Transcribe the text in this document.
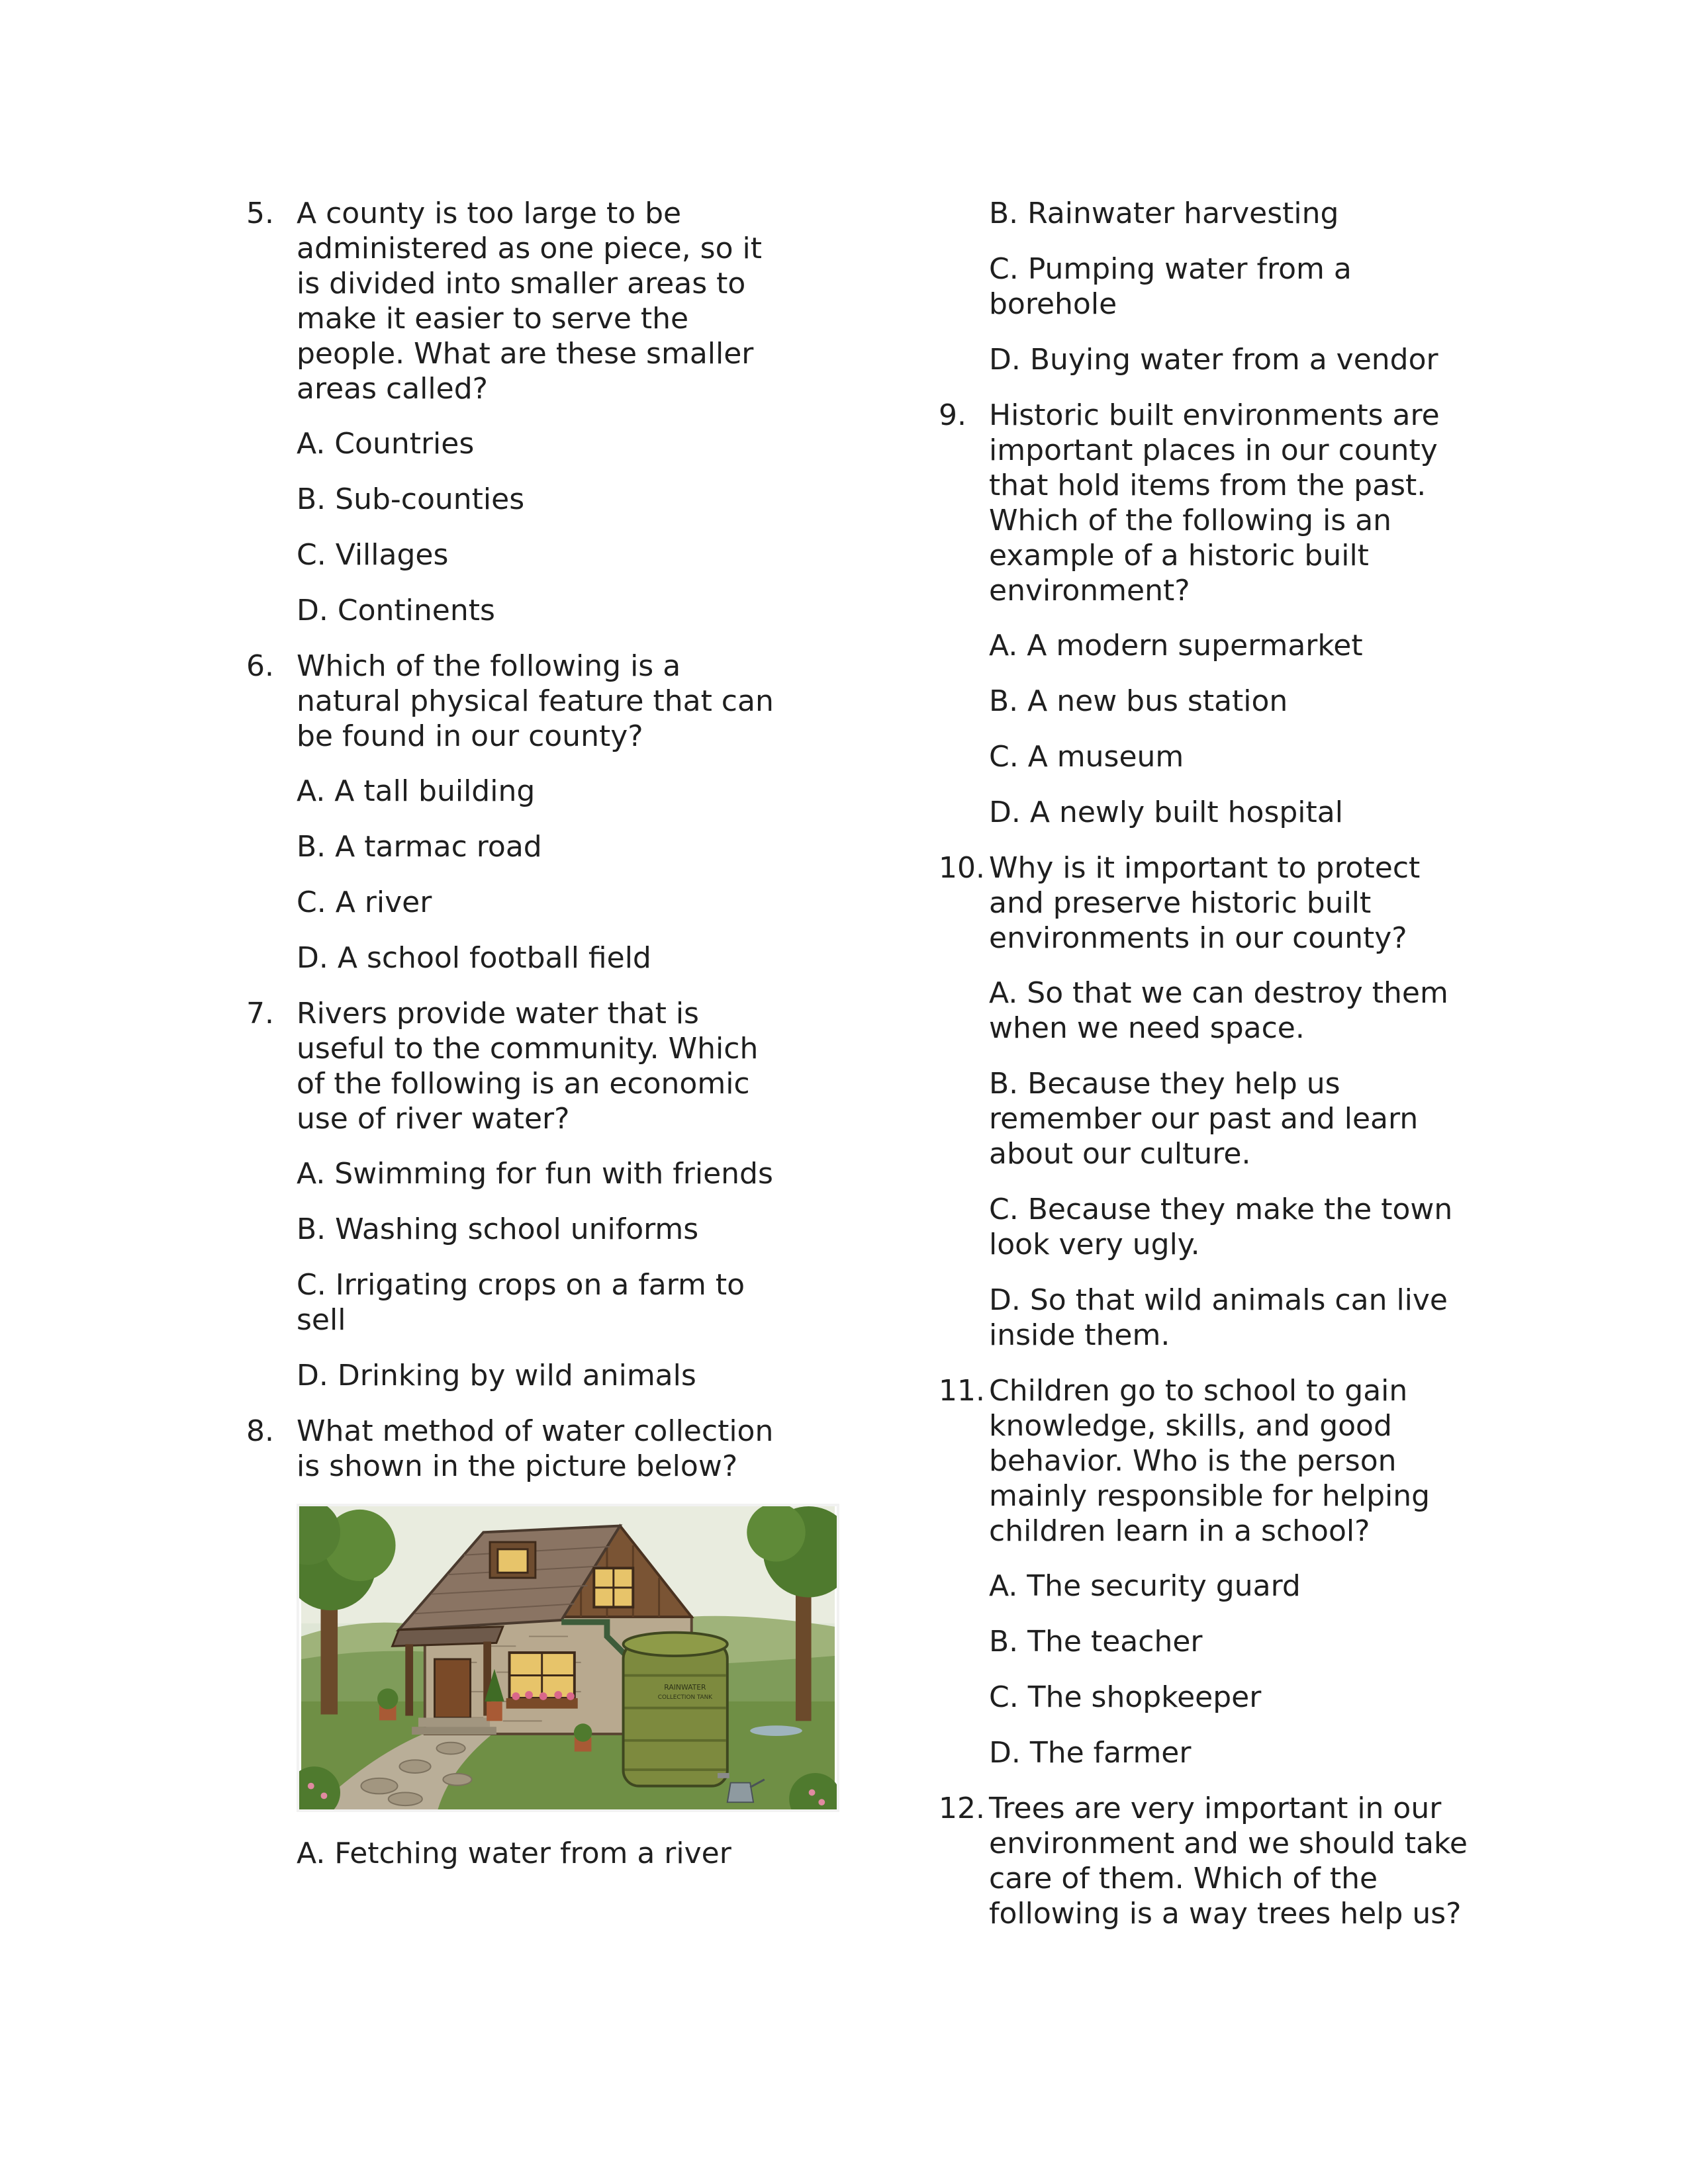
5. A county is too large to be administered as one piece, so it is divided into smaller areas to make it easier to serve the people. What are these smaller areas called?

A. Countries

B. Sub-counties

C. Villages

D. Continents

6. Which of the following is a natural physical feature that can be found in our county?

A. A tall building

B. A tarmac road

C. A river

D. A school football field

7. Rivers provide water that is useful to the community. Which of the following is an economic use of river water?

A. Swimming for fun with friends

B. Washing school uniforms

C. Irrigating crops on a farm to sell

D. Drinking by wild animals

8. What method of water collection is shown in the picture below?

RAINWATER
COLLECTION TANK

A. Fetching water from a river

B. Rainwater harvesting

C. Pumping water from a borehole

D. Buying water from a vendor

9. Historic built environments are important places in our county that hold items from the past. Which of the following is an example of a historic built environment?

A. A modern supermarket

B. A new bus station

C. A museum

D. A newly built hospital

10. Why is it important to protect and preserve historic built environments in our county?

A. So that we can destroy them when we need space.

B. Because they help us remember our past and learn about our culture.

C. Because they make the town look very ugly.

D. So that wild animals can live inside them.

11. Children go to school to gain knowledge, skills, and good behavior. Who is the person mainly responsible for helping children learn in a school?

A. The security guard

B. The teacher

C. The shopkeeper

D. The farmer

12. Trees are very important in our environment and we should take care of them. Which of the following is a way trees help us?
